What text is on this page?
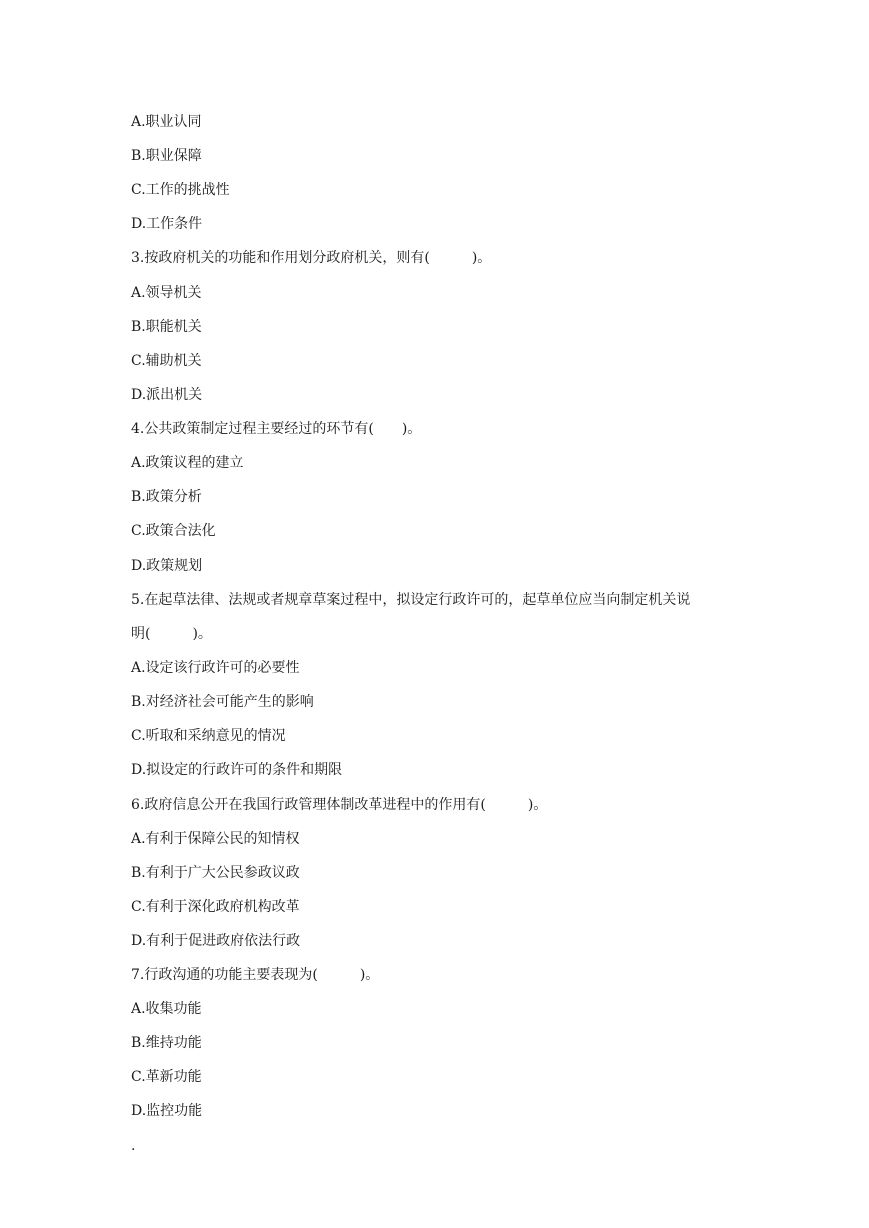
A.职业认同
B.职业保障
C.工作的挑战性
D.工作条件
3.按政府机关的功能和作用划分政府机关，则有(　　　)。
A.领导机关
B.职能机关
C.辅助机关
D.派出机关
4.公共政策制定过程主要经过的环节有(　　)。
A.政策议程的建立
B.政策分析
C.政策合法化
D.政策规划
5.在起草法律、法规或者规章草案过程中，拟设定行政许可的，起草单位应当向制定机关说
明(　　　)。
A.设定该行政许可的必要性
B.对经济社会可能产生的影响
C.听取和采纳意见的情况
D.拟设定的行政许可的条件和期限
6.政府信息公开在我国行政管理体制改革进程中的作用有(　　　)。
A.有利于保障公民的知情权
B.有利于广大公民参政议政
C.有利于深化政府机构改革
D.有利于促进政府依法行政
7.行政沟通的功能主要表现为(　　　)。
A.收集功能
B.维持功能
C.革新功能
D.监控功能
.
